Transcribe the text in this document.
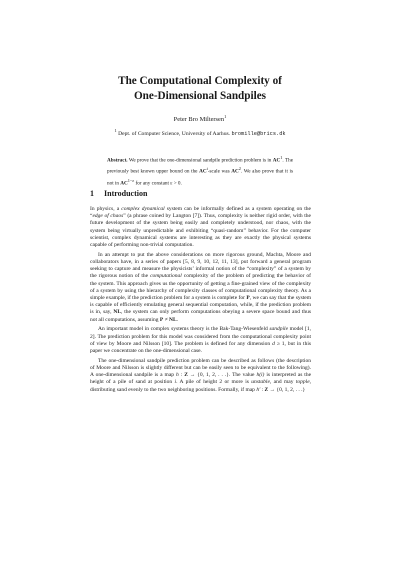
The Computational Complexity of
One-Dimensional Sandpiles
Peter Bro Miltersen$^1$
$^1$ Dept. of Computer Science, University of Aarhus. bromille@brics.dk
Abstract. We prove that the one-dimensional sandpile prediction problem is in $AC^1$. The previously best known upper bound on the $AC^i$-scale was $AC^2$. We also prove that it is not in $AC^{1-\varepsilon}$ for any constant ε > 0.
1 Introduction

In physics, a complex dynamical system can be informally defined as a system operating on the “edge of chaos” (a phrase coined by Langton [7]). Thus, complexity is neither rigid order, with the future development of the system being easily and completely understood, nor chaos, with the system being virtually unpredictable and exhibiting “quasi-random” behavior. For the computer scientist, complex dynamical systems are interesting as they are exactly the physical systems capable of performing non-trivial computation.

In an attempt to put the above considerations on more rigorous ground, Machta, Moore and collaborators have, in a series of papers [5, 8, 9, 10, 12, 11, 13], put forward a general program seeking to capture and measure the physicists’ informal notion of the “complexity” of a system by the rigorous notion of the computational complexity of the problem of predicting the behavior of the system. This approach gives us the opportunity of getting a fine-grained view of the complexity of a system by using the hierarchy of complexity classes of computational complexity theory. As a simple example, if the prediction problem for a system is complete for P, we can say that the system is capable of efficiently emulating general sequential computation, while, if the prediction problem is in, say, NL, the system can only perform computations obeying a severe space bound and thus not all computations, assuming P ≠ NL.

An important model in complex systems theory is the Bak-Tang-Wiesenfeld sandpile model [1, 2]. The prediction problem for this model was considered from the computational complexity point of view by Moore and Nilsson [10]. The problem is defined for any dimension d ≥ 1, but in this paper we concentrate on the one-dimensional case.

The one-dimensional sandpile prediction problem can be described as follows (the description of Moore and Nilsson is slightly different but can be easily seen to be equivalent to the following). A one-dimensional sandpile is a map h : Z → {0, 1, 2, . . .}. The value h(i) is interpreted as the height of a pile of sand at position i. A pile of height 2 or more is unstable, and may topple, distributing sand evenly to the two neighboring positions. Formally, if map h′ : Z → {0, 1, 2, . . .}
